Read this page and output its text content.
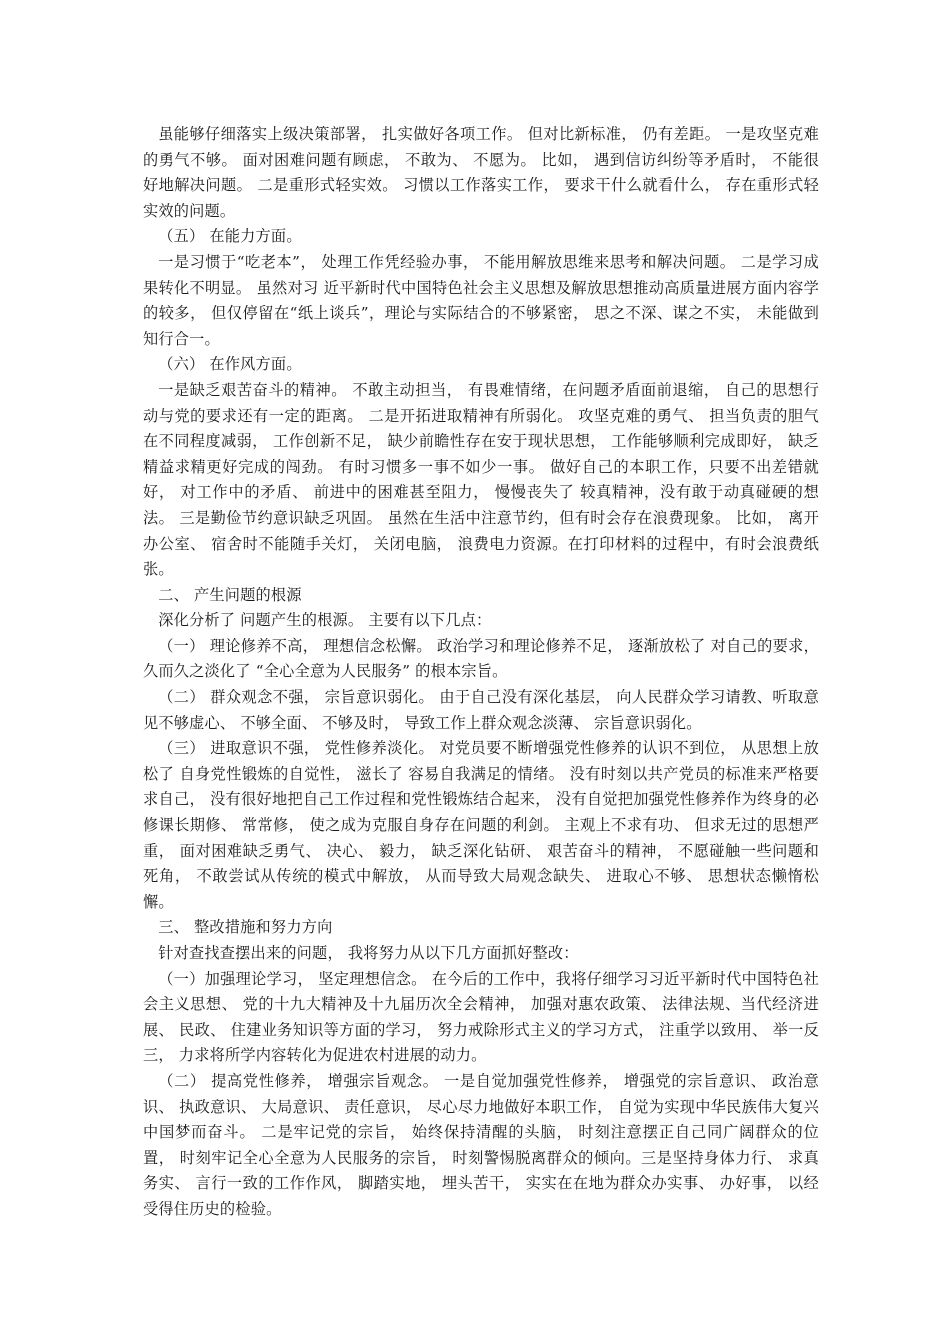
虽能够仔细落实上级决策部署， 扎实做好各项工作。 但对比新标准， 仍有差距。 一是攻坚克难的勇气不够。 面对困难问题有顾虑， 不敢为、 不愿为。 比如， 遇到信访纠纷等矛盾时， 不能很好地解决问题。 二是重形式轻实效。 习惯以工作落实工作， 要求干什么就看什么， 存在重形式轻实效的问题。

（五） 在能力方面。

一是习惯于“吃老本”， 处理工作凭经验办事， 不能用解放思维来思考和解决问题。 二是学习成果转化不明显。 虽然对习 近平新时代中国特色社会主义思想及解放思想推动高质量进展方面内容学的较多， 但仅停留在“纸上谈兵”，理论与实际结合的不够紧密， 思之不深、谋之不实， 未能做到知行合一。

（六） 在作风方面。

一是缺乏艰苦奋斗的精神。 不敢主动担当， 有畏难情绪，在问题矛盾面前退缩， 自己的思想行动与党的要求还有一定的距离。 二是开拓进取精神有所弱化。 攻坚克难的勇气、 担当负责的胆气在不同程度减弱， 工作创新不足， 缺少前瞻性存在安于现状思想， 工作能够顺利完成即好， 缺乏精益求精更好完成的闯劲。 有时习惯多一事不如少一事。 做好自己的本职工作，只要不出差错就好， 对工作中的矛盾、 前进中的困难甚至阻力， 慢慢丧失了 较真精神，没有敢于动真碰硬的想法。 三是勤俭节约意识缺乏巩固。 虽然在生活中注意节约，但有时会存在浪费现象。 比如， 离开办公室、 宿舍时不能随手关灯， 关闭电脑， 浪费电力资源。在打印材料的过程中，有时会浪费纸张。

二、 产生问题的根源

深化分析了 问题产生的根源。 主要有以下几点：

（一） 理论修养不高， 理想信念松懈。 政治学习和理论修养不足， 逐渐放松了 对自己的要求， 久而久之淡化了 “全心全意为人民服务” 的根本宗旨。

（二） 群众观念不强， 宗旨意识弱化。 由于自己没有深化基层， 向人民群众学习请教、听取意见不够虚心、 不够全面、 不够及时， 导致工作上群众观念淡薄、 宗旨意识弱化。

（三） 进取意识不强， 党性修养淡化。 对党员要不断增强党性修养的认识不到位， 从思想上放松了 自身党性锻炼的自觉性， 滋长了 容易自我满足的情绪。 没有时刻以共产党员的标准来严格要求自己， 没有很好地把自己工作过程和党性锻炼结合起来， 没有自觉把加强党性修养作为终身的必修课长期修、 常常修， 使之成为克服自身存在问题的利剑。 主观上不求有功、 但求无过的思想严重， 面对困难缺乏勇气、 决心、 毅力， 缺乏深化钻研、 艰苦奋斗的精神， 不愿碰触一些问题和死角， 不敢尝试从传统的模式中解放， 从而导致大局观念缺失、 进取心不够、 思想状态懒惰松懈。

三、 整改措施和努力方向

针对查找查摆出来的问题， 我将努力从以下几方面抓好整改：

（一）加强理论学习， 坚定理想信念。 在今后的工作中，我将仔细学习习近平新时代中国特色社会主义思想、 党的十九大精神及十九届历次全会精神， 加强对惠农政策、 法律法规、当代经济进展、 民政、 住建业务知识等方面的学习， 努力戒除形式主义的学习方式， 注重学以致用、 举一反三， 力求将所学内容转化为促进农村进展的动力。

（二） 提高党性修养， 增强宗旨观念。 一是自觉加强党性修养， 增强党的宗旨意识、 政治意识、 执政意识、 大局意识、 责任意识， 尽心尽力地做好本职工作， 自觉为实现中华民族伟大复兴中国梦而奋斗。 二是牢记党的宗旨， 始终保持清醒的头脑， 时刻注意摆正自己同广阔群众的位置， 时刻牢记全心全意为人民服务的宗旨， 时刻警惕脱离群众的倾向。三是坚持身体力行、 求真务实、 言行一致的工作作风， 脚踏实地， 埋头苦干， 实实在在地为群众办实事、 办好事， 以经受得住历史的检验。
